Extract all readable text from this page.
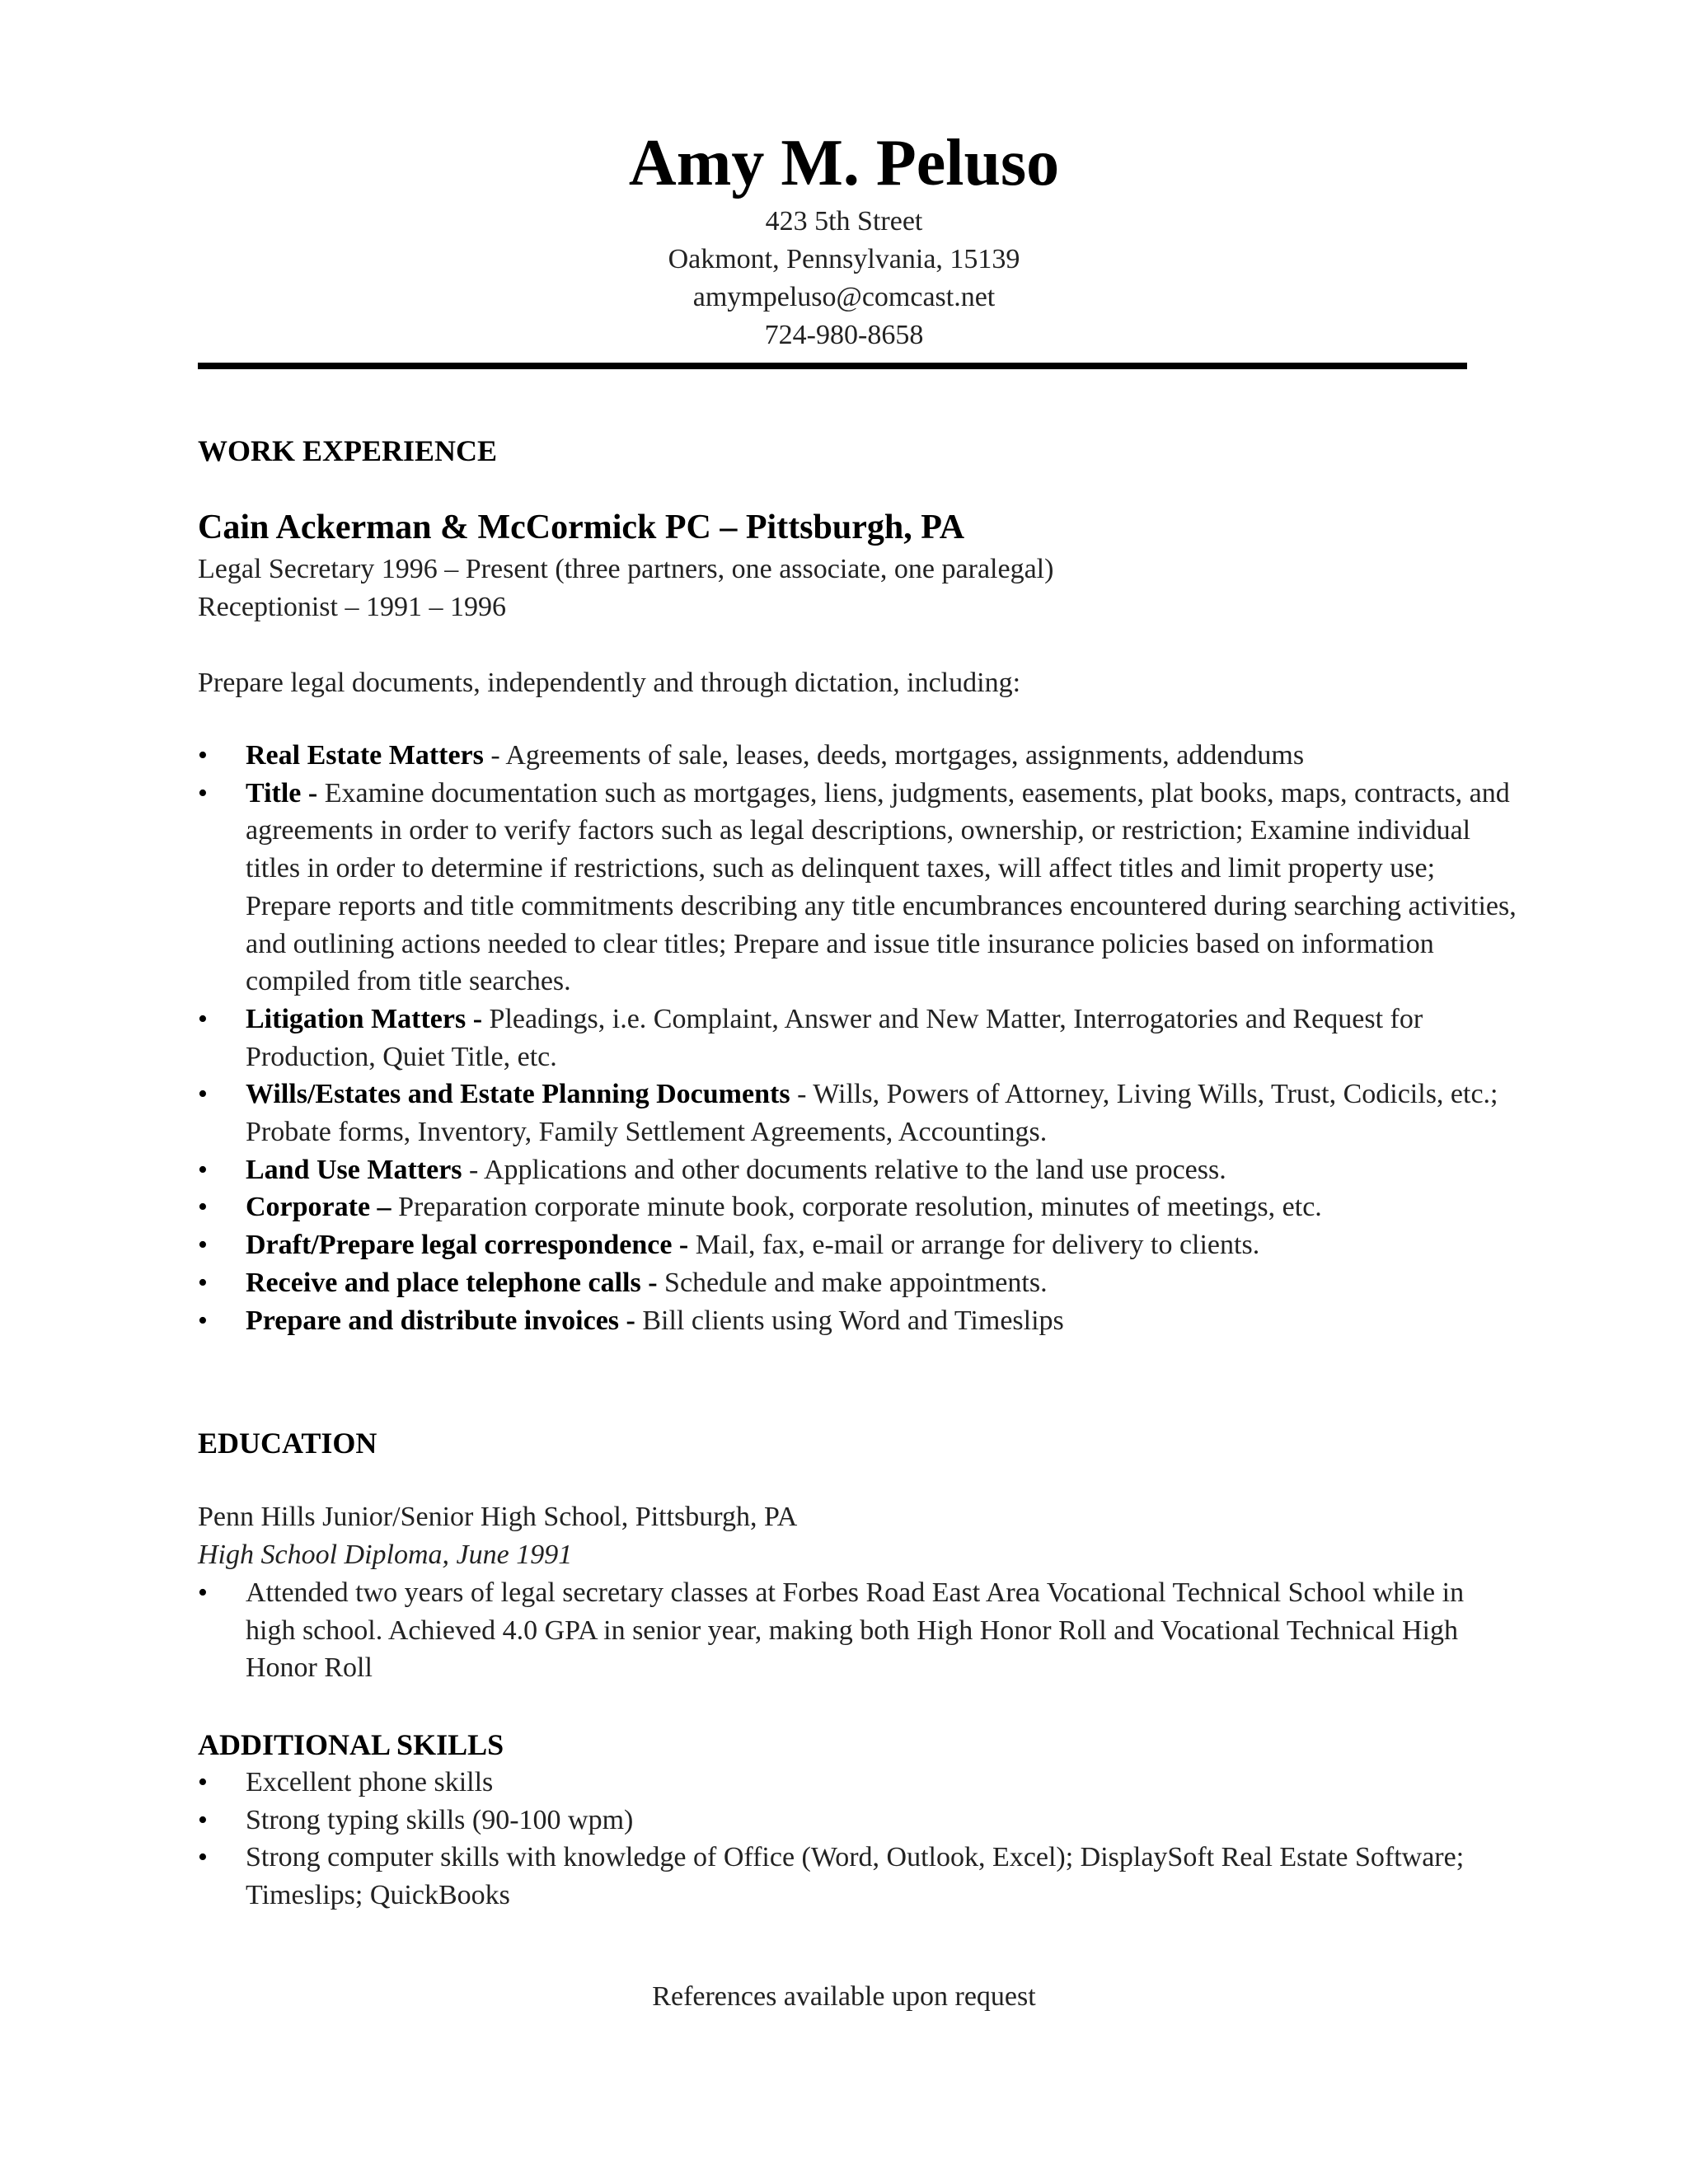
Amy M. Peluso
423 5th Street
Oakmont, Pennsylvania, 15139
amympeluso@comcast.net
724-980-8658
WORK EXPERIENCE
Cain Ackerman & McCormick PC – Pittsburgh, PA
Legal Secretary 1996 – Present (three partners, one associate, one paralegal)
Receptionist – 1991 – 1996
Prepare legal documents, independently and through dictation, including:
• Real Estate Matters - Agreements of sale, leases, deeds, mortgages, assignments, addendums
• Title - Examine documentation such as mortgages, liens, judgments, easements, plat books, maps, contracts, and agreements in order to verify factors such as legal descriptions, ownership, or restriction; Examine individual titles in order to determine if restrictions, such as delinquent taxes, will affect titles and limit property use; Prepare reports and title commitments describing any title encumbrances encountered during searching activities, and outlining actions needed to clear titles; Prepare and issue title insurance policies based on information compiled from title searches.
• Litigation Matters - Pleadings, i.e. Complaint, Answer and New Matter, Interrogatories and Request for Production, Quiet Title, etc.
• Wills/Estates and Estate Planning Documents - Wills, Powers of Attorney, Living Wills, Trust, Codicils, etc.; Probate forms, Inventory, Family Settlement Agreements, Accountings.
• Land Use Matters - Applications and other documents relative to the land use process.
• Corporate – Preparation corporate minute book, corporate resolution, minutes of meetings, etc.
• Draft/Prepare legal correspondence - Mail, fax, e-mail or arrange for delivery to clients.
• Receive and place telephone calls - Schedule and make appointments.
• Prepare and distribute invoices - Bill clients using Word and Timeslips
EDUCATION
Penn Hills Junior/Senior High School, Pittsburgh, PA
High School Diploma, June 1991
• Attended two years of legal secretary classes at Forbes Road East Area Vocational Technical School while in high school. Achieved 4.0 GPA in senior year, making both High Honor Roll and Vocational Technical High Honor Roll
ADDITIONAL SKILLS
• Excellent phone skills
• Strong typing skills (90-100 wpm)
• Strong computer skills with knowledge of Office (Word, Outlook, Excel); DisplaySoft Real Estate Software; Timeslips; QuickBooks
References available upon request
